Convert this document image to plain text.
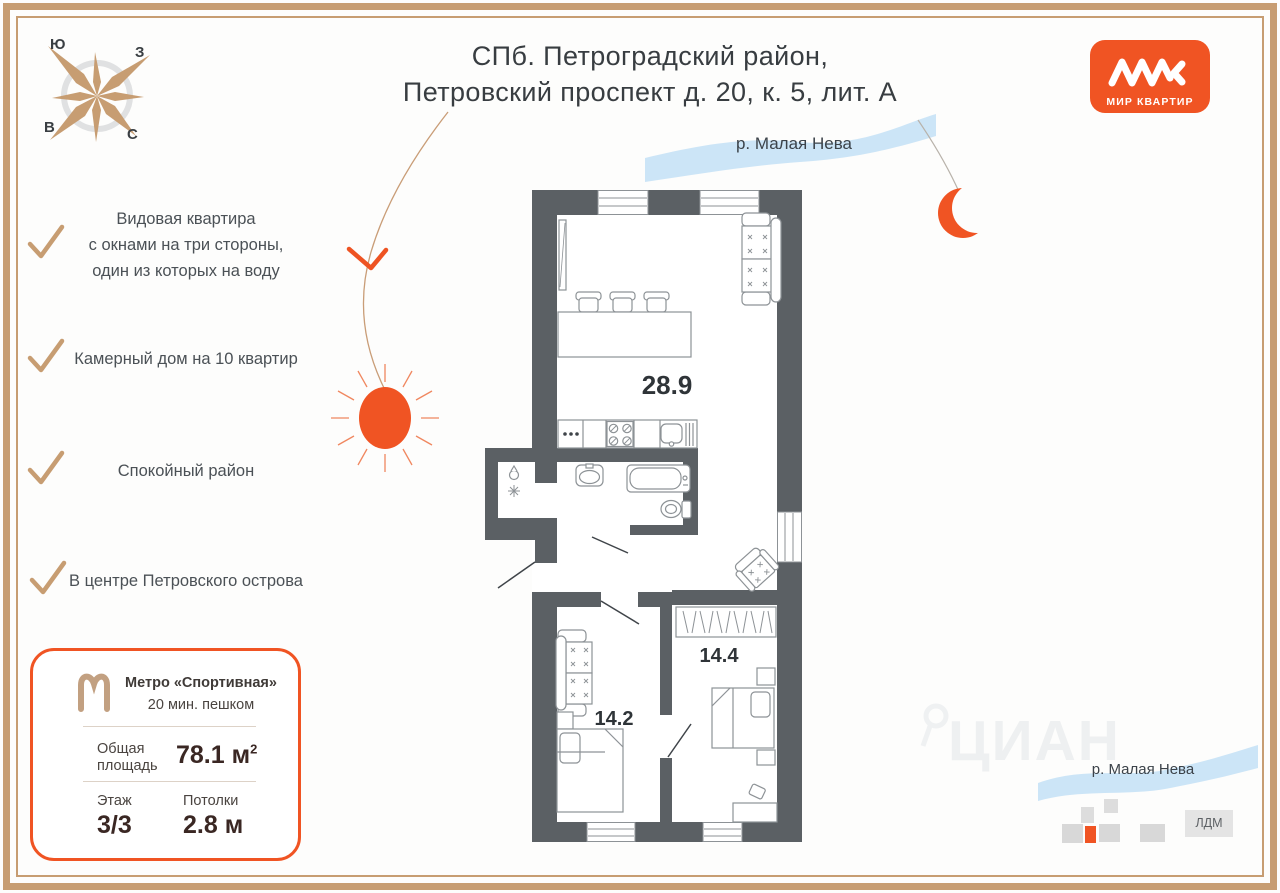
ЦИАН
СПб. Петроградский район,
Петровский проспект д. 20, к. 5, лит. А
Ю	З
В	С
МИР КВАРТИР
Видовая квартира
с окнами на три стороны,
один из которых на воду
Камерный дом на 10 квартир
Спокойный район
В центре Петровского острова
Метро «Спортивная»
20 мин. пешком
Общая
площадь 78.1 $м^2$
Этаж
3/3
Потолки
2.8 м
28.9
14.2
14.4
р. Малая Нева
р. Малая Нева
ЛДМ
